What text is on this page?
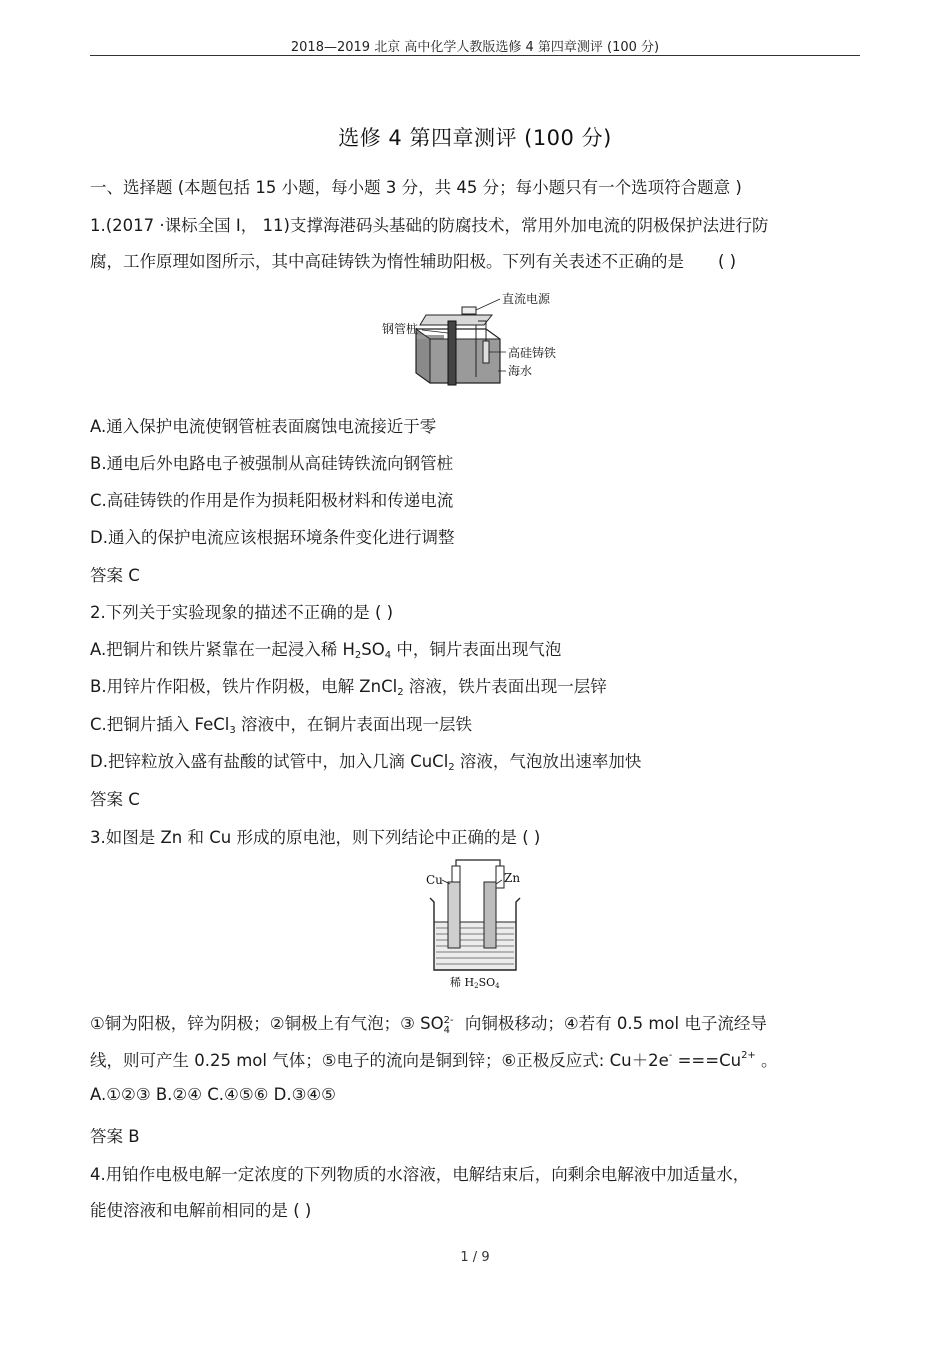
2018—2019 北京 高中化学人教版选修 4 第四章测评 (100 分)
选修 4 第四章测评 (100 分)
一、选择题 (本题包括 15 小题，每小题 3 分，共 45 分；每小题只有一个选项符合题意 )
1.(2017 ·课标全国 Ⅰ， 11)支撑海港码头基础的防腐技术，常用外加电流的阴极保护法进行防
腐，工作原理如图所示，其中高硅铸铁为惰性辅助阳极。下列有关表述不正确的是 ( )
直流电源
钢管桩
高硅铸铁
海水
A.通入保护电流使钢管桩表面腐蚀电流接近于零
B.通电后外电路电子被强制从高硅铸铁流向钢管桩
C.高硅铸铁的作用是作为损耗阳极材料和传递电流
D.通入的保护电流应该根据环境条件变化进行调整
答案 C
2.下列关于实验现象的描述不正确的是 ( )
A.把铜片和铁片紧靠在一起浸入稀 $H_2SO_4$ 中，铜片表面出现气泡
B.用锌片作阳极，铁片作阴极，电解 ZnCl$_2$ 溶液，铁片表面出现一层锌
C.把铜片插入 FeCl$_3$ 溶液中，在铜片表面出现一层铁
D.把锌粒放入盛有盐酸的试管中，加入几滴 CuCl$_2$ 溶液，气泡放出速率加快
答案 C
3.如图是 Zn 和 Cu 形成的原电池，则下列结论中正确的是 ( )
Cu	Zn
稀 H2SO4
①铜为阳极，锌为阴极；②铜极上有气泡；③ SO 2-
4 向铜极移动；④若有 0.5 mol 电子流经导
线，则可产生 0.25 mol 气体；⑤电子的流向是铜到锌；⑥正极反应式: $Cu+2e^- ===Cu^{2+}$ 。
A.①②③ B.②④ C.④⑤⑥ D.③④⑤
答案 B
4.用铂作电极电解一定浓度的下列物质的水溶液，电解结束后，向剩余电解液中加适量水，
能使溶液和电解前相同的是 ( )
1 / 9
